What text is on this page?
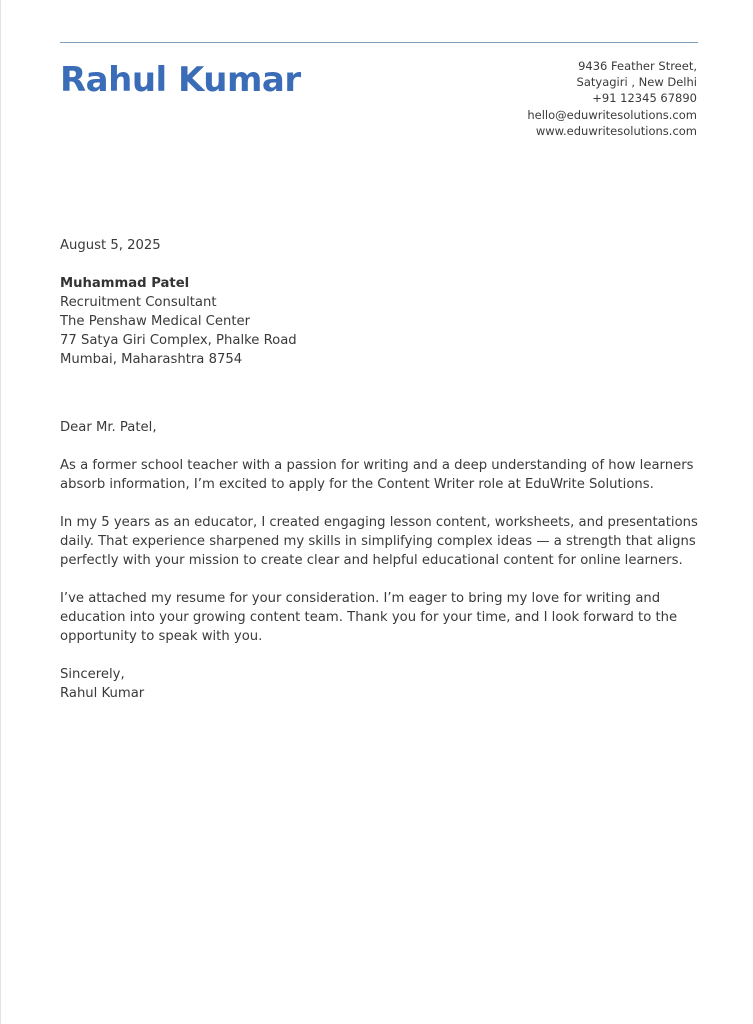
Rahul Kumar	9436 Feather Street,
Satyagiri , New Delhi
+91 12345 67890
hello@eduwritesolutions.com
www.eduwritesolutions.com
August 5, 2025
Muhammad Patel
Recruitment Consultant
The Penshaw Medical Center
77 Satya Giri Complex, Phalke Road
Mumbai, Maharashtra 8754
Dear Mr. Patel,

As a former school teacher with a passion for writing and a deep understanding of how learners absorb information, I’m excited to apply for the Content Writer role at EduWrite Solutions.

In my 5 years as an educator, I created engaging lesson content, worksheets, and presentations daily. That experience sharpened my skills in simplifying complex ideas — a strength that aligns perfectly with your mission to create clear and helpful educational content for online learners.

I’ve attached my resume for your consideration. I’m eager to bring my love for writing and education into your growing content team. Thank you for your time, and I look forward to the opportunity to speak with you.

Sincerely,
Rahul Kumar
